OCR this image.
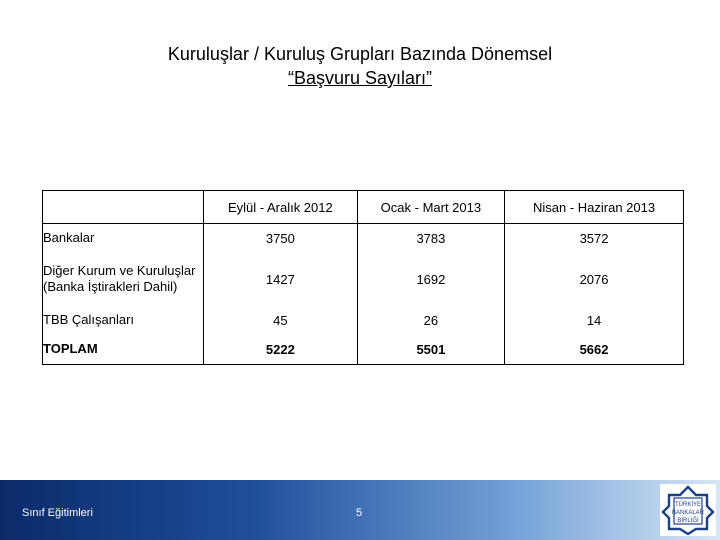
Kuruluşlar / Kuruluş Grupları Bazında Dönemsel
“Başvuru Sayıları”
	Eylül - Aralık 2012	Ocak - Mart 2013	Nisan - Haziran 2013
Bankalar	3750	3783	3572
Diğer Kurum ve Kuruluşlar (Banka İştirakleri Dahil)	1427	1692	2076
TBB Çalışanları	45	26	14
TOPLAM	5222	5501	5662
Sınıf Eğitimleri	5
TÜRKİYE
BANKALAR
BİRLİĞİ
